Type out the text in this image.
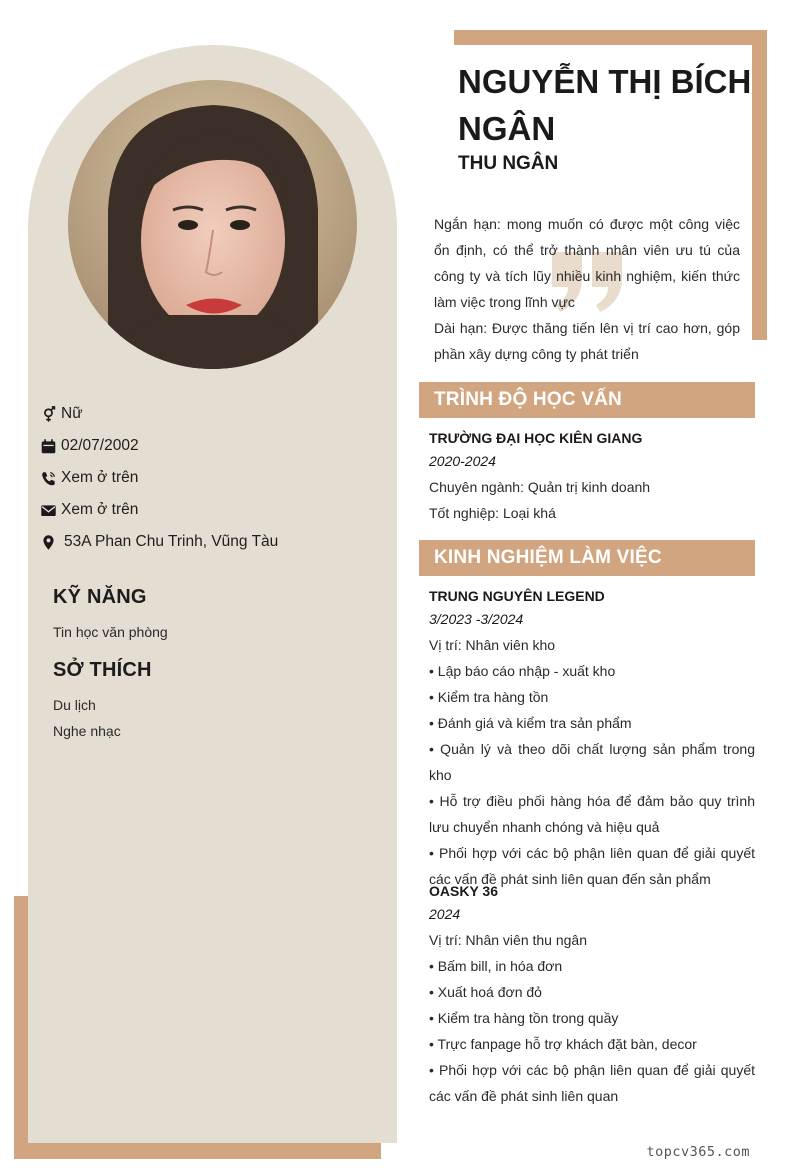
Nữ
02/07/2002
Xem ở trên
Xem ở trên
53A Phan Chu Trinh, Vũng Tàu
KỸ NĂNG
Tin học văn phòng
SỞ THÍCH
Du lịch
Nghe nhạc
NGUYỄN THỊ BÍCH NGÂN
THU NGÂN

Ngắn hạn: mong muốn có được một công việc ổn định, có thể trở thành nhân viên ưu tú của công ty và tích lũy nhiều kinh nghiệm, kiến thức làm việc trong lĩnh vực

Dài hạn: Được thăng tiến lên vị trí cao hơn, góp phần xây dựng công ty phát triển

TRÌNH ĐỘ HỌC VẤN
TRƯỜNG ĐẠI HỌC KIÊN GIANG
2020-2024
Chuyên ngành: Quản trị kinh doanh
Tốt nghiệp: Loại khá
KINH NGHIỆM LÀM VIỆC
TRUNG NGUYÊN LEGEND
3/2023 -3/2024
Vị trí: Nhân viên kho
• Lập báo cáo nhập - xuất kho
• Kiểm tra hàng tồn
• Đánh giá và kiểm tra sản phẩm
• Quản lý và theo dõi chất lượng sản phẩm trong kho
• Hỗ trợ điều phối hàng hóa để đảm bảo quy trình lưu chuyển nhanh chóng và hiệu quả
• Phối hợp với các bộ phận liên quan để giải quyết các vấn đề phát sinh liên quan đến sản phẩm
OASKY 36
2024
Vị trí: Nhân viên thu ngân
• Bấm bill, in hóa đơn
• Xuất hoá đơn đỏ
• Kiểm tra hàng tồn trong quầy
• Trực fanpage hỗ trợ khách đặt bàn, decor
• Phối hợp với các bộ phận liên quan để giải quyết các vấn đề phát sinh liên quan
topcv365.com
